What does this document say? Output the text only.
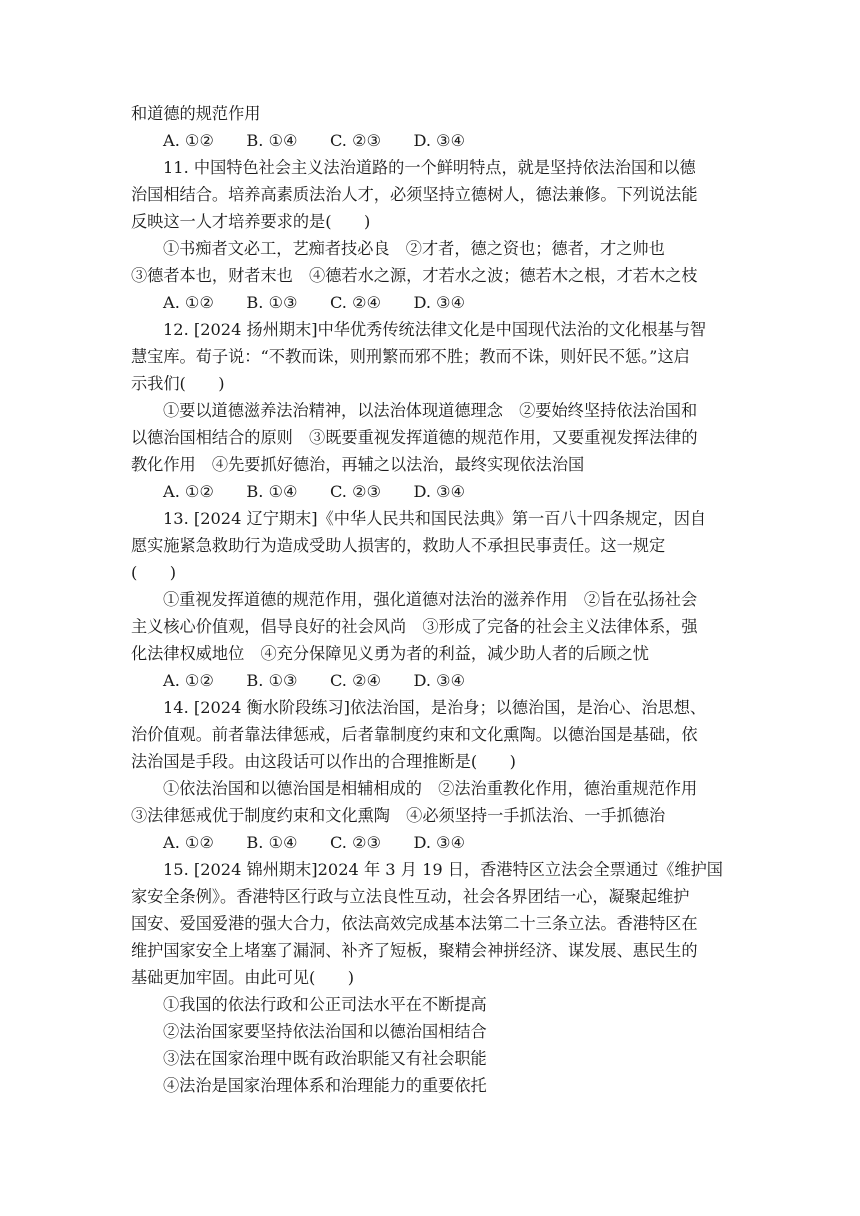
和道德的规范作用
A. ①②　　B. ①④　　C. ②③　　D. ③④
11. 中国特色社会主义法治道路的一个鲜明特点，就是坚持依法治国和以德
治国相结合。培养高素质法治人才，必须坚持立德树人，德法兼修。下列说法能
反映这一人才培养要求的是(　　)
①书痴者文必工，艺痴者技必良　②才者，德之资也；德者，才之帅也
③德者本也，财者末也　④德若水之源，才若水之波；德若木之根，才若木之枝
A. ①②　　B. ①③　　C. ②④　　D. ③④
12. [2024 扬州期末]中华优秀传统法律文化是中国现代法治的文化根基与智
慧宝库。荀子说：“不教而诛，则刑繁而邪不胜；教而不诛，则奸民不惩。”这启
示我们(　　)
①要以道德滋养法治精神，以法治体现道德理念　②要始终坚持依法治国和
以德治国相结合的原则　③既要重视发挥道德的规范作用，又要重视发挥法律的
教化作用　④先要抓好德治，再辅之以法治，最终实现依法治国
A. ①②　　B. ①④　　C. ②③　　D. ③④
13. [2024 辽宁期末]《中华人民共和国民法典》第一百八十四条规定，因自
愿实施紧急救助行为造成受助人损害的，救助人不承担民事责任。这一规定
(　　)
①重视发挥道德的规范作用，强化道德对法治的滋养作用　②旨在弘扬社会
主义核心价值观，倡导良好的社会风尚　③形成了完备的社会主义法律体系，强
化法律权威地位　④充分保障见义勇为者的利益，减少助人者的后顾之忧
A. ①②　　B. ①③　　C. ②④　　D. ③④
14. [2024 衡水阶段练习]依法治国，是治身；以德治国，是治心、治思想、
治价值观。前者靠法律惩戒，后者靠制度约束和文化熏陶。以德治国是基础，依
法治国是手段。由这段话可以作出的合理推断是(　　)
①依法治国和以德治国是相辅相成的　②法治重教化作用，德治重规范作用
③法律惩戒优于制度约束和文化熏陶　④必须坚持一手抓法治、一手抓德治
A. ①②　　B. ①④　　C. ②③　　D. ③④
15. [2024 锦州期末]2024 年 3 月 19 日，香港特区立法会全票通过《维护国
家安全条例》。香港特区行政与立法良性互动，社会各界团结一心，凝聚起维护
国安、爱国爱港的强大合力，依法高效完成基本法第二十三条立法。香港特区在
维护国家安全上堵塞了漏洞、补齐了短板，聚精会神拼经济、谋发展、惠民生的
基础更加牢固。由此可见(　　)
①我国的依法行政和公正司法水平在不断提高
②法治国家要坚持依法治国和以德治国相结合
③法在国家治理中既有政治职能又有社会职能
④法治是国家治理体系和治理能力的重要依托
